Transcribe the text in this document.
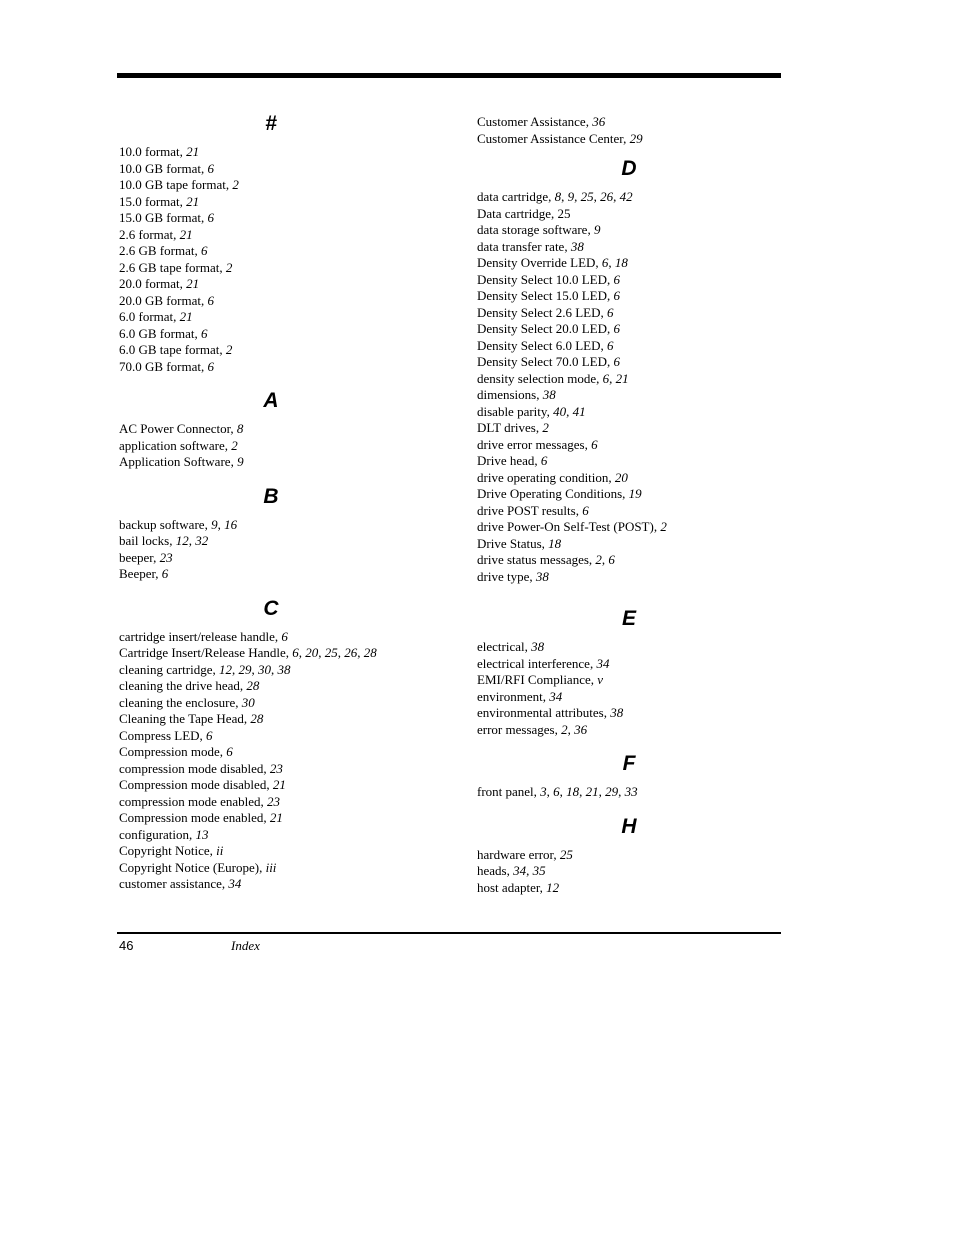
#
10.0 format, 21
10.0 GB format, 6
10.0 GB tape format, 2
15.0 format, 21
15.0 GB format, 6
2.6 format, 21
2.6 GB format, 6
2.6 GB tape format, 2
20.0 format, 21
20.0 GB format, 6
6.0 format, 21
6.0 GB format, 6
6.0 GB tape format, 2
70.0 GB format, 6
A
AC Power Connector, 8
application software, 2
Application Software, 9
B
backup software, 9, 16
bail locks, 12, 32
beeper, 23
Beeper, 6
C
cartridge insert/release handle, 6
Cartridge Insert/Release Handle, 6, 20, 25, 26, 28
cleaning cartridge, 12, 29, 30, 38
cleaning the drive head, 28
cleaning the enclosure, 30
Cleaning the Tape Head, 28
Compress LED, 6
Compression mode, 6
compression mode disabled, 23
Compression mode disabled, 21
compression mode enabled, 23
Compression mode enabled, 21
configuration, 13
Copyright Notice, ii
Copyright Notice (Europe), iii
customer assistance, 34
Customer Assistance, 36
Customer Assistance Center, 29
D
data cartridge, 8, 9, 25, 26, 42
Data cartridge, 25
data storage software, 9
data transfer rate, 38
Density Override LED, 6, 18
Density Select 10.0 LED, 6
Density Select 15.0 LED, 6
Density Select 2.6 LED, 6
Density Select 20.0 LED, 6
Density Select 6.0 LED, 6
Density Select 70.0 LED, 6
density selection mode, 6, 21
dimensions, 38
disable parity, 40, 41
DLT drives, 2
drive error messages, 6
Drive head, 6
drive operating condition, 20
Drive Operating Conditions, 19
drive POST results, 6
drive Power-On Self-Test (POST), 2
Drive Status, 18
drive status messages, 2, 6
drive type, 38
E
electrical, 38
electrical interference, 34
EMI/RFI Compliance, v
environment, 34
environmental attributes, 38
error messages, 2, 36
F
front panel, 3, 6, 18, 21, 29, 33
H
hardware error, 25
heads, 34, 35
host adapter, 12
46	Index
